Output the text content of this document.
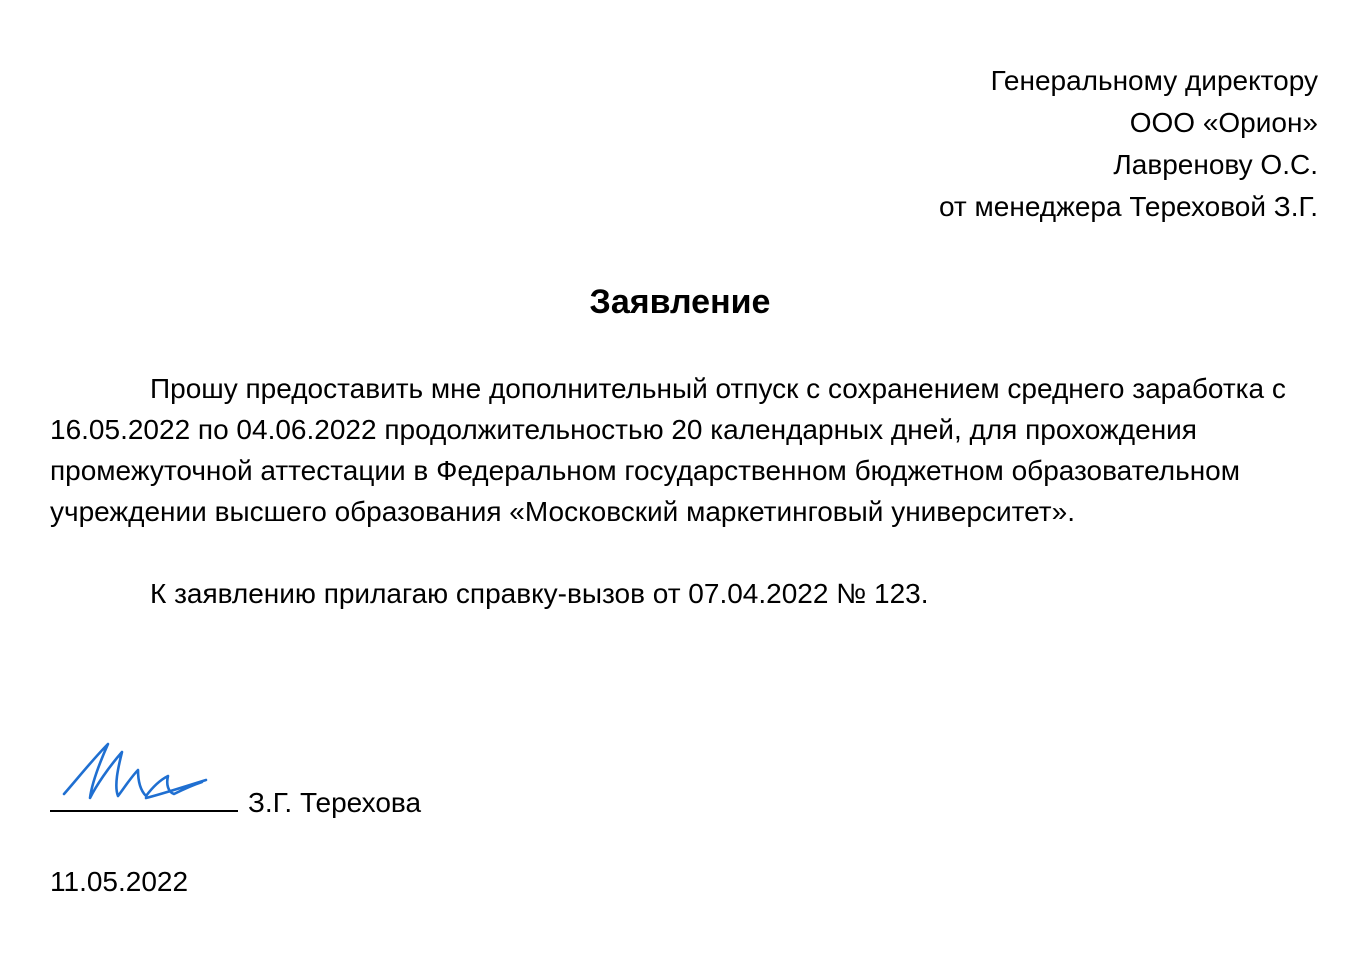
Генеральному директору
ООО «Орион»
Лавренову О.С.
от менеджера Тереховой З.Г.
Заявление

Прошу предоставить мне дополнительный отпуск с сохранением среднего заработка с 16.05.2022 по 04.06.2022 продолжительностью 20 календарных дней, для прохождения промежуточной аттестации в Федеральном государственном бюджетном образовательном учреждении высшего образования «Московский маркетинговый университет».

К заявлению прилагаю справку-вызов от 07.04.2022 № 123.

З.Г. Терехова
11.05.2022
